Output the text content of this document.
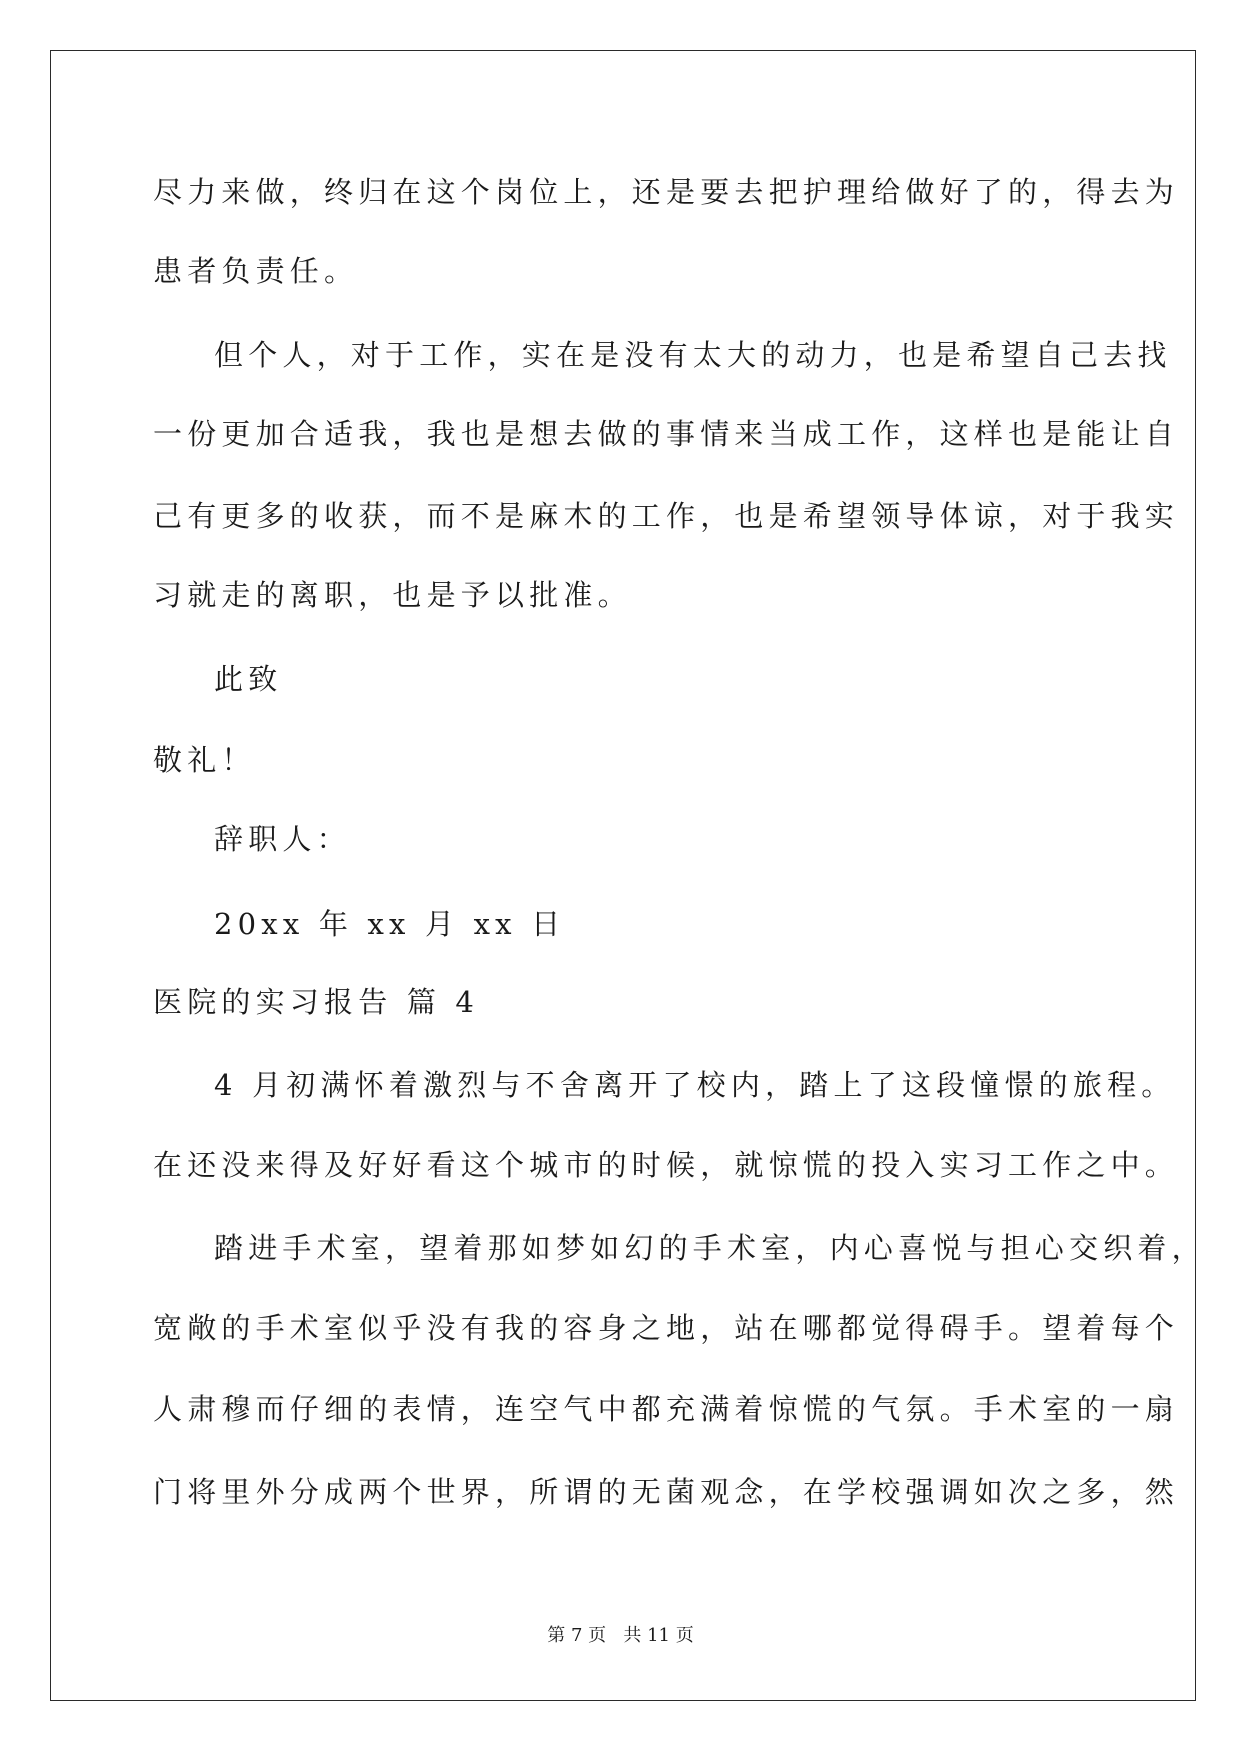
尽力来做，终归在这个岗位上，还是要去把护理给做好了的，得去为
患者负责任。
但个人，对于工作，实在是没有太大的动力，也是希望自己去找
一份更加合适我，我也是想去做的事情来当成工作，这样也是能让自
己有更多的收获，而不是麻木的工作，也是希望领导体谅，对于我实
习就走的离职，也是予以批准。
此致
敬礼！
辞职人：
20xx 年 xx 月 xx 日
医院的实习报告 篇 4
4 月初满怀着激烈与不舍离开了校内，踏上了这段憧憬的旅程。
在还没来得及好好看这个城市的时候，就惊慌的投入实习工作之中。
踏进手术室，望着那如梦如幻的手术室，内心喜悦与担心交织着，
宽敞的手术室似乎没有我的容身之地，站在哪都觉得碍手。望着每个
人肃穆而仔细的表情，连空气中都充满着惊慌的气氛。手术室的一扇
门将里外分成两个世界，所谓的无菌观念，在学校强调如次之多，然
第 7 页   共 11 页
